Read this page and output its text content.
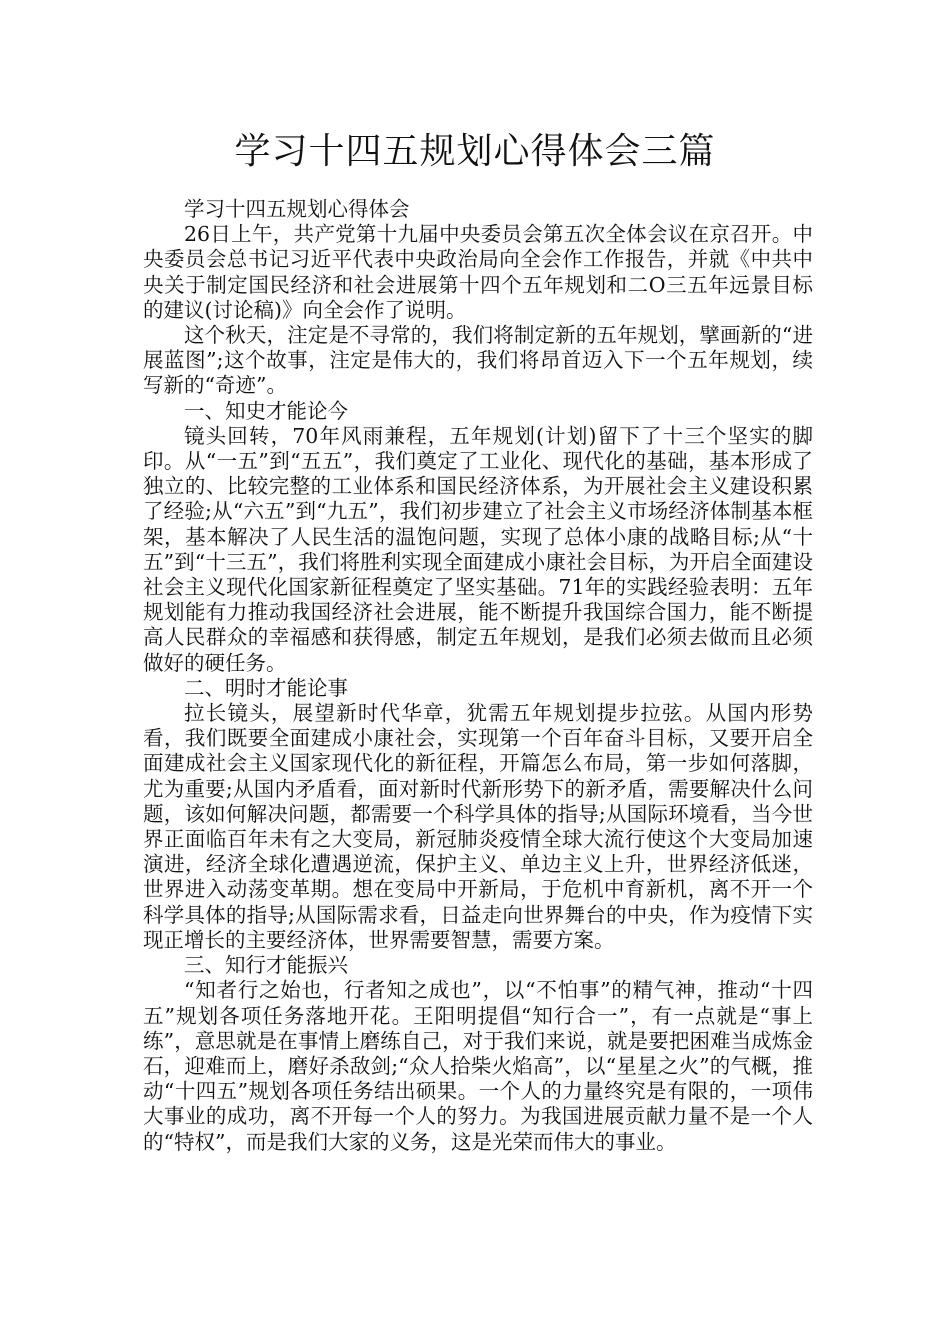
学习十四五规划心得体会三篇

学习十四五规划心得体会

26日上午，共产党第十九届中央委员会第五次全体会议在京召开。中央委员会总书记习近平代表中央政治局向全会作工作报告，并就《中共中央关于制定国民经济和社会进展第十四个五年规划和二O三五年远景目标的建议(讨论稿)》向全会作了说明。

这个秋天，注定是不寻常的，我们将制定新的五年规划，擘画新的“进展蓝图”;这个故事，注定是伟大的，我们将昂首迈入下一个五年规划，续写新的“奇迹”。

一、知史才能论今

镜头回转，70年风雨兼程，五年规划(计划)留下了十三个坚实的脚印。从“一五”到“五五”，我们奠定了工业化、现代化的基础，基本形成了独立的、比较完整的工业体系和国民经济体系，为开展社会主义建设积累了经验;从“六五”到“九五”，我们初步建立了社会主义市场经济体制基本框架，基本解决了人民生活的温饱问题，实现了总体小康的战略目标;从“十五”到“十三五”，我们将胜利实现全面建成小康社会目标，为开启全面建设社会主义现代化国家新征程奠定了坚实基础。71年的实践经验表明：五年规划能有力推动我国经济社会进展，能不断提升我国综合国力，能不断提高人民群众的幸福感和获得感，制定五年规划，是我们必须去做而且必须做好的硬任务。

二、明时才能论事

拉长镜头，展望新时代华章，犹需五年规划提步拉弦。从国内形势看，我们既要全面建成小康社会，实现第一个百年奋斗目标，又要开启全面建成社会主义国家现代化的新征程，开篇怎么布局，第一步如何落脚，尤为重要;从国内矛盾看，面对新时代新形势下的新矛盾，需要解决什么问题，该如何解决问题，都需要一个科学具体的指导;从国际环境看，当今世界正面临百年未有之大变局，新冠肺炎疫情全球大流行使这个大变局加速演进，经济全球化遭遇逆流，保护主义、单边主义上升，世界经济低迷，世界进入动荡变革期。想在变局中开新局，于危机中育新机，离不开一个科学具体的指导;从国际需求看，日益走向世界舞台的中央，作为疫情下实现正增长的主要经济体，世界需要智慧，需要方案。

三、知行才能振兴

“知者行之始也，行者知之成也”，以“不怕事”的精气神，推动“十四五”规划各项任务落地开花。王阳明提倡“知行合一”，有一点就是“事上练”，意思就是在事情上磨练自己，对于我们来说，就是要把困难当成炼金石，迎难而上，磨好杀敌剑;“众人拾柴火焰高”，以“星星之火”的气概，推动“十四五”规划各项任务结出硕果。一个人的力量终究是有限的，一项伟大事业的成功，离不开每一个人的努力。为我国进展贡献力量不是一个人的“特权”，而是我们大家的义务，这是光荣而伟大的事业。
